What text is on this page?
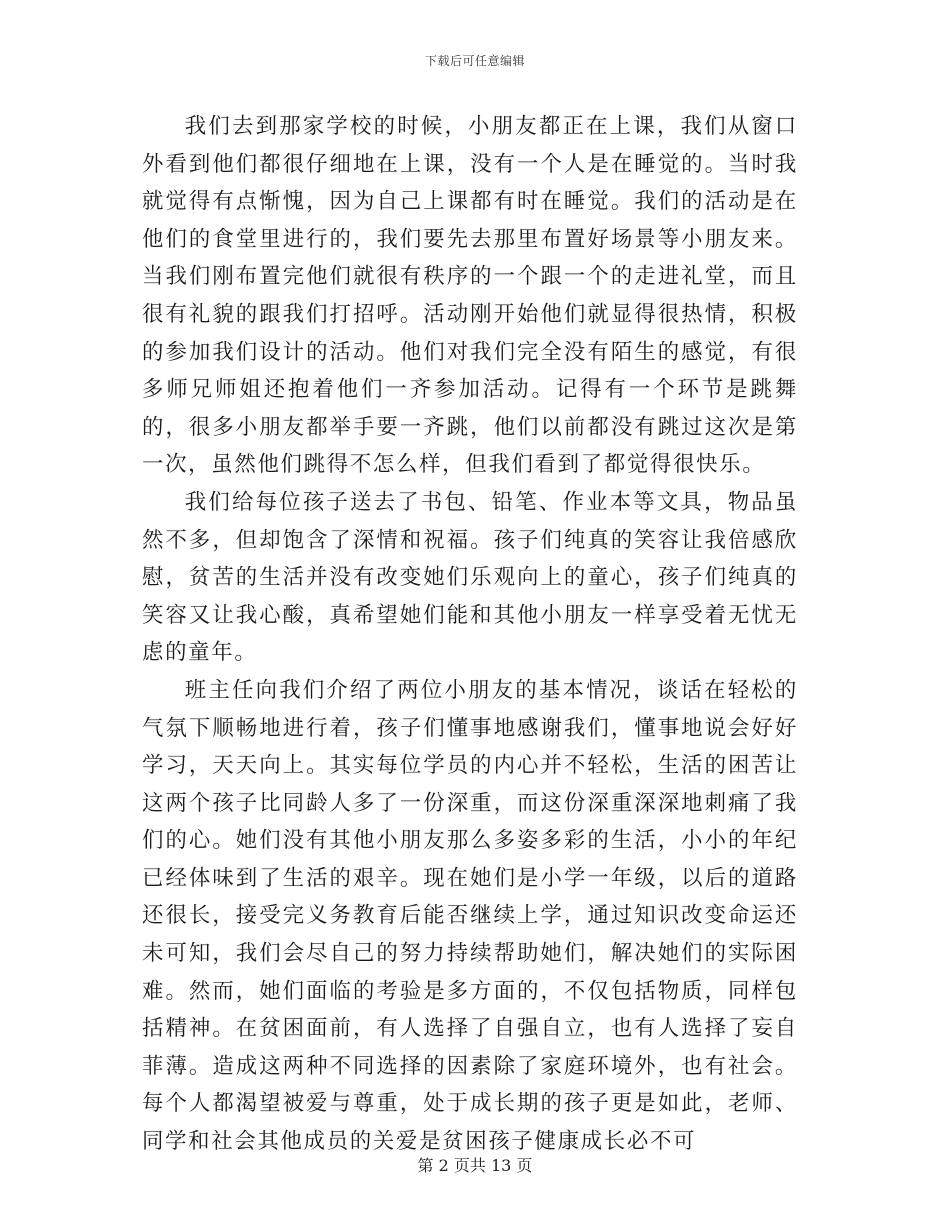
下载后可任意编辑

我们去到那家学校的时候，小朋友都正在上课，我们从窗口外看到他们都很仔细地在上课，没有一个人是在睡觉的。当时我就觉得有点惭愧，因为自己上课都有时在睡觉。我们的活动是在他们的食堂里进行的，我们要先去那里布置好场景等小朋友来。当我们刚布置完他们就很有秩序的一个跟一个的走进礼堂，而且很有礼貌的跟我们打招呼。活动刚开始他们就显得很热情，积极的参加我们设计的活动。他们对我们完全没有陌生的感觉，有很多师兄师姐还抱着他们一齐参加活动。记得有一个环节是跳舞的，很多小朋友都举手要一齐跳，他们以前都没有跳过这次是第一次，虽然他们跳得不怎么样，但我们看到了都觉得很快乐。

我们给每位孩子送去了书包、铅笔、作业本等文具，物品虽然不多，但却饱含了深情和祝福。孩子们纯真的笑容让我倍感欣慰，贫苦的生活并没有改变她们乐观向上的童心，孩子们纯真的笑容又让我心酸，真希望她们能和其他小朋友一样享受着无忧无虑的童年。

班主任向我们介绍了两位小朋友的基本情况，谈话在轻松的气氛下顺畅地进行着，孩子们懂事地感谢我们，懂事地说会好好学习，天天向上。其实每位学员的内心并不轻松，生活的困苦让这两个孩子比同龄人多了一份深重，而这份深重深深地刺痛了我们的心。她们没有其他小朋友那么多姿多彩的生活，小小的年纪已经体味到了生活的艰辛。现在她们是小学一年级，以后的道路还很长，接受完义务教育后能否继续上学，通过知识改变命运还未可知，我们会尽自己的努力持续帮助她们，解决她们的实际困难。然而，她们面临的考验是多方面的，不仅包括物质，同样包括精神。在贫困面前，有人选择了自强自立，也有人选择了妄自菲薄。造成这两种不同选择的因素除了家庭环境外，也有社会。每个人都渴望被爱与尊重，处于成长期的孩子更是如此，老师、同学和社会其他成员的关爱是贫困孩子健康成长必不可

第 2 页共 13 页
